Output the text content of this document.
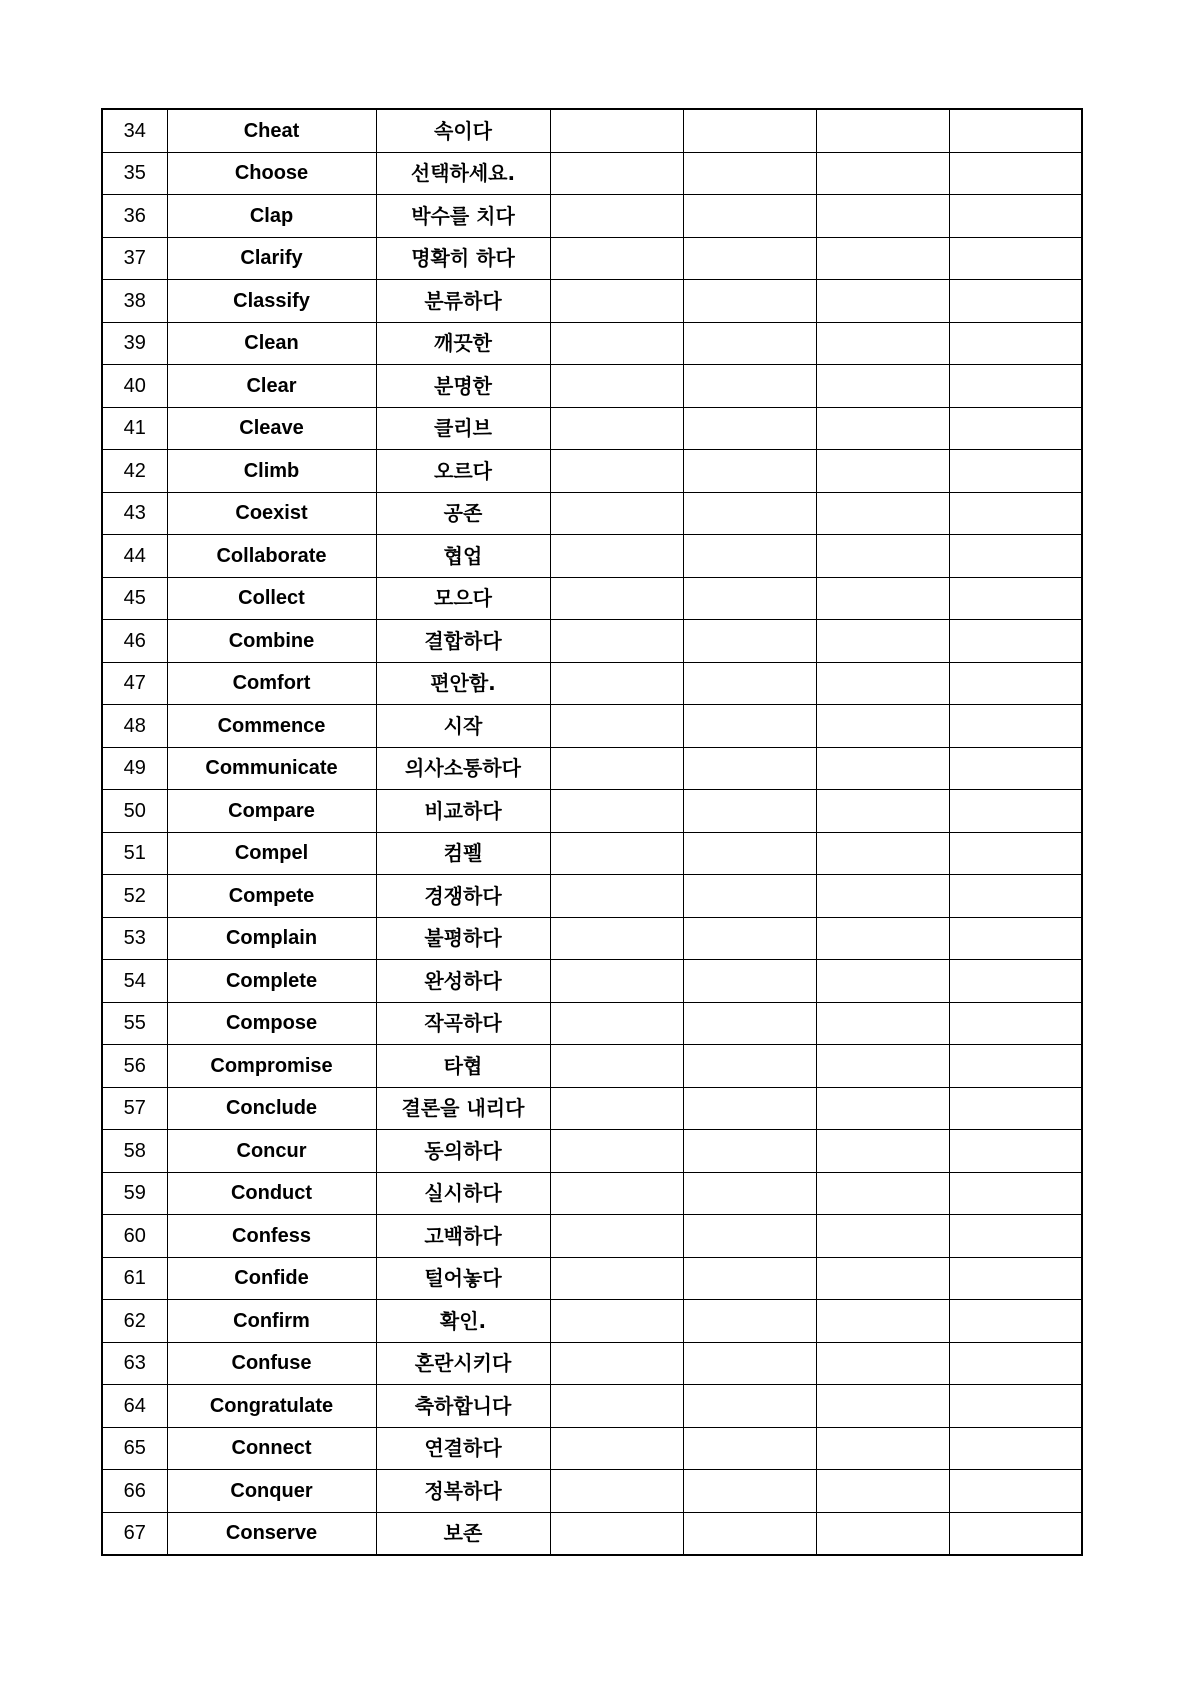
34	Cheat	속이다				
35	Choose	선택하세요.				
36	Clap	박수를 치다				
37	Clarify	명확히 하다				
38	Classify	분류하다				
39	Clean	깨끗한				
40	Clear	분명한				
41	Cleave	클리브				
42	Climb	오르다				
43	Coexist	공존				
44	Collaborate	협업				
45	Collect	모으다				
46	Combine	결합하다				
47	Comfort	편안함.				
48	Commence	시작				
49	Communicate	의사소통하다				
50	Compare	비교하다				
51	Compel	컴펠				
52	Compete	경쟁하다				
53	Complain	불평하다				
54	Complete	완성하다				
55	Compose	작곡하다				
56	Compromise	타협				
57	Conclude	결론을 내리다				
58	Concur	동의하다				
59	Conduct	실시하다				
60	Confess	고백하다				
61	Confide	털어놓다				
62	Confirm	확인.				
63	Confuse	혼란시키다				
64	Congratulate	축하합니다				
65	Connect	연결하다				
66	Conquer	정복하다				
67	Conserve	보존				
